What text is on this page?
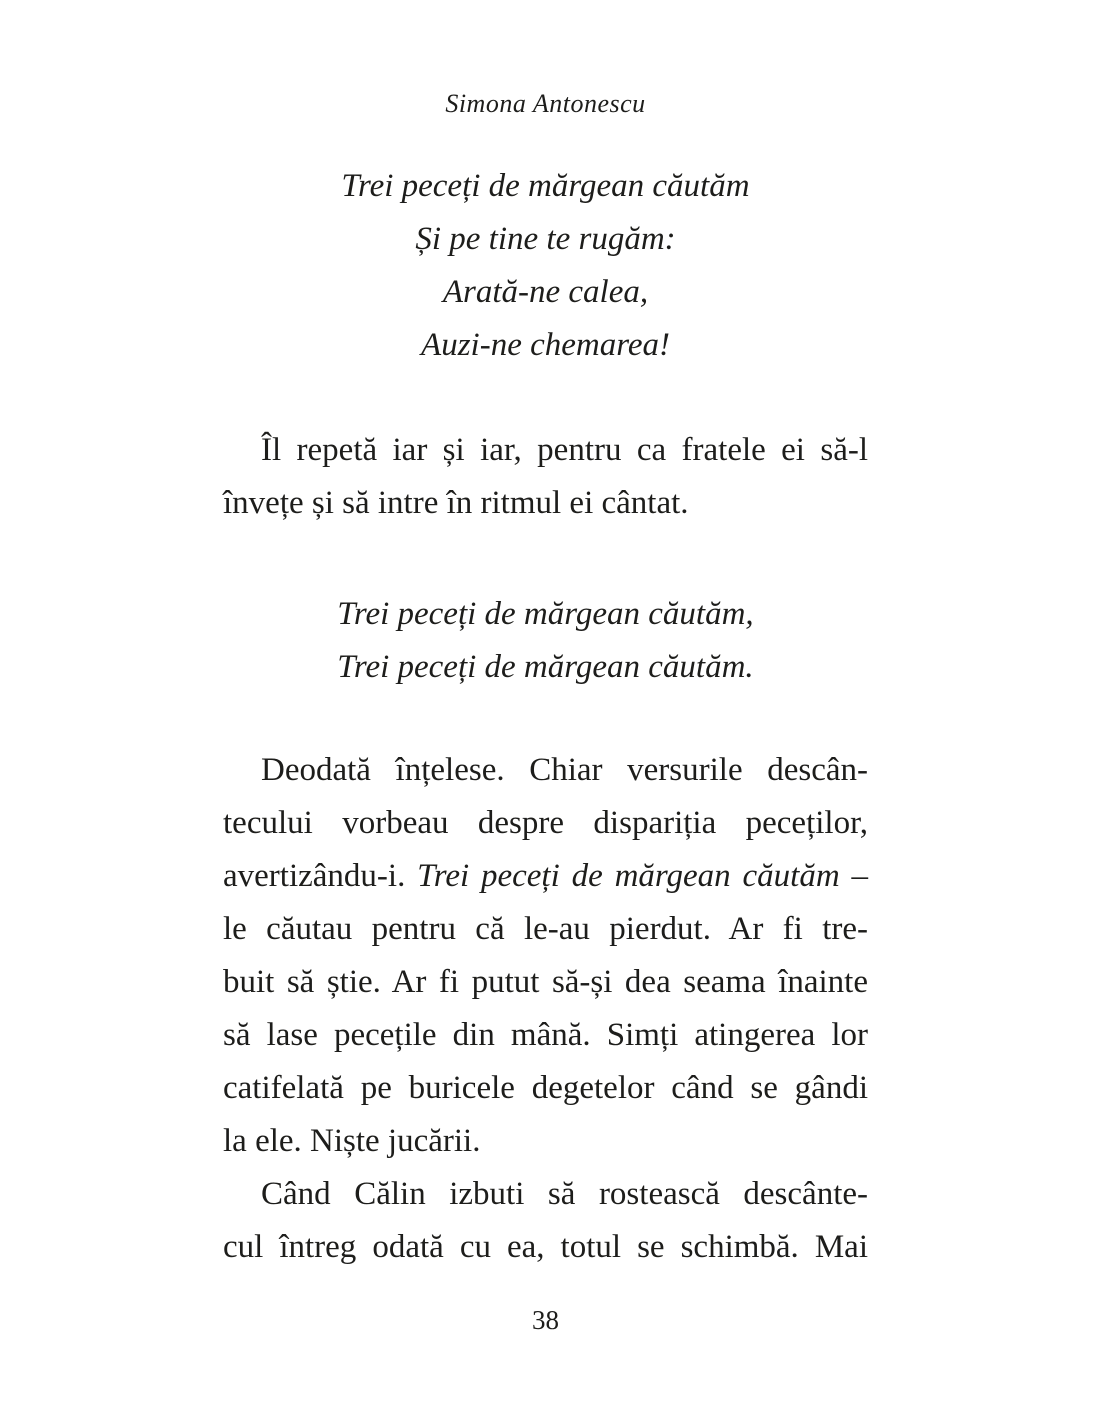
Simona Antonescu
Trei peceți de mărgean căutăm
Și pe tine te rugăm:
Arată-ne calea,
Auzi-ne chemarea!
Îl repetă iar și iar, pentru ca fratele ei să-l
învețe și să intre în ritmul ei cântat.
Trei peceți de mărgean căutăm,
Trei peceți de mărgean căutăm.
Deodată înțelese. Chiar versurile descân-
tecului vorbeau despre dispariția peceților,
avertizându-i. Trei peceți de mărgean căutăm –
le căutau pentru că le-au pierdut. Ar fi tre-
buit să știe. Ar fi putut să-și dea seama înainte
să lase pecețile din mână. Simți atingerea lor
catifelată pe buricele degetelor când se gândi
la ele. Niște jucării.
Când Călin izbuti să rostească descânte-
cul întreg odată cu ea, totul se schimbă. Mai
38
